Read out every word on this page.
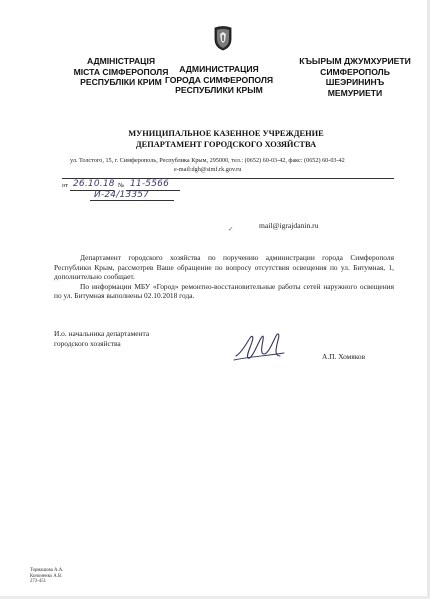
АДМІНІСТРАЦІЯ
МІСТА СІМФЕРОПОЛЯ
РЕСПУБЛІКИ КРИМ
АДМИНИСТРАЦИЯ
ГОРОДА СИМФЕРОПОЛЯ
РЕСПУБЛИКИ КРЫМ
КЪЫРЫМ ДЖУМХУРИЕТИ
СИМФЕРОПОЛЬ
ШЕЭРИНИНЪ
МЕМУРИЕТИ
МУНИЦИПАЛЬНОЕ КАЗЕННОЕ УЧРЕЖДЕНИЕ
ДЕПАРТАМЕНТ ГОРОДСКОГО ХОЗЯЙСТВА
ул. Толстого, 15, г. Симферополь, Республика Крым, 295000, тел.: (0652) 60-03-42, факс: (0652) 60-03-42
e-mail:dgh@simf.rk.gov.ru
от 26.10.18 № 11-5566
И-24/13357
✓	mail@igrajdanin.ru

Департамент городского хозяйства по поручению администрации города Симферополя Республики Крым, рассмотрев Ваше обращение по вопросу отсутствия освещения по ул. Битумная, 1, дополнительно сообщает.

По информации МБУ «Город» ремонтно-восстановительные работы сетей наружного освещения по ул. Битумная выполнены 02.10.2018 года.

И.о. начальника департамента
городского хозяйства
А.П. Хомяков
Тормашова А.А.
Кононенко А.В.
273-451
